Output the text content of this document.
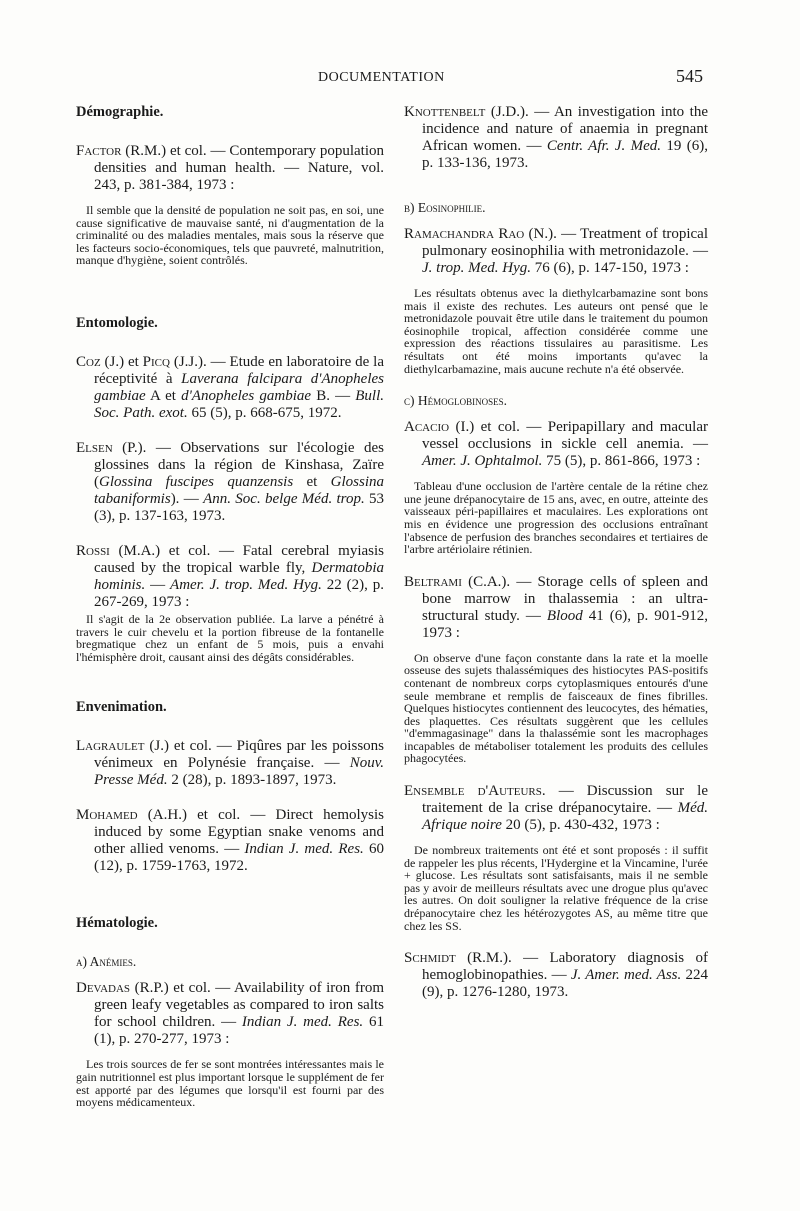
DOCUMENTATION	545
Démographie.

Factor (R.M.) et col. — Contemporary population densities and human health. — Nature, vol. 243, p. 381-384, 1973 :

Il semble que la densité de population ne soit pas, en soi, une cause significative de mauvaise santé, ni d'augmentation de la criminalité ou des maladies mentales, mais sous la réserve que les facteurs socio-économiques, tels que pauvreté, malnutrition, manque d'hygiène, soient contrôlés.

Entomologie.

Coz (J.) et Picq (J.J.). — Etude en laboratoire de la réceptivité à Laverana falcipara d'Anopheles gambiae A et d'Anopheles gambiae B. — Bull. Soc. Path. exot. 65 (5), p. 668-675, 1972.

Elsen (P.). — Observations sur l'écologie des glossines dans la région de Kinshasa, Zaïre (Glossina fuscipes quanzensis et Glossina tabaniformis). — Ann. Soc. belge Méd. trop. 53 (3), p. 137-163, 1973.

Rossi (M.A.) et col. — Fatal cerebral myiasis caused by the tropical warble fly, Dermatobia hominis. — Amer. J. trop. Med. Hyg. 22 (2), p. 267-269, 1973 :

Il s'agit de la 2e observation publiée. La larve a pénétré à travers le cuir chevelu et la portion fibreuse de la fontanelle bregmatique chez un enfant de 5 mois, puis a envahi l'hémisphère droit, causant ainsi des dégâts considérables.

Envenimation.

Lagraulet (J.) et col. — Piqûres par les poissons vénimeux en Polynésie française. — Nouv. Presse Méd. 2 (28), p. 1893-1897, 1973.

Mohamed (A.H.) et col. — Direct hemolysis induced by some Egyptian snake venoms and other allied venoms. — Indian J. med. Res. 60 (12), p. 1759-1763, 1972.

Hématologie.
a) Anémies.

Devadas (R.P.) et col. — Availability of iron from green leafy vegetables as compared to iron salts for school children. — Indian J. med. Res. 61 (1), p. 270-277, 1973 :

Les trois sources de fer se sont montrées intéressantes mais le gain nutritionnel est plus important lorsque le supplément de fer est apporté par des légumes que lorsqu'il est fourni par des moyens médicamenteux.

Knottenbelt (J.D.). — An investigation into the incidence and nature of anaemia in pregnant African women. — Centr. Afr. J. Med. 19 (6), p. 133-136, 1973.

b) Eosinophilie.

Ramachandra Rao (N.). — Treatment of tropical pulmonary eosinophilia with metronidazole. — J. trop. Med. Hyg. 76 (6), p. 147-150, 1973 :

Les résultats obtenus avec la diethylcarbamazine sont bons mais il existe des rechutes. Les auteurs ont pensé que le metronidazole pouvait être utile dans le traitement du poumon éosinophile tropical, affection considérée comme une expression des réactions tissulaires au parasitisme. Les résultats ont été moins importants qu'avec la diethylcarbamazine, mais aucune rechute n'a été observée.

c) Hémoglobinoses.

Acacio (I.) et col. — Peripapillary and macular vessel occlusions in sickle cell anemia. — Amer. J. Ophtalmol. 75 (5), p. 861-866, 1973 :

Tableau d'une occlusion de l'artère centale de la rétine chez une jeune drépanocytaire de 15 ans, avec, en outre, atteinte des vaisseaux péri-papillaires et maculaires. Les explorations ont mis en évidence une progression des occlusions entraînant l'absence de perfusion des branches secondaires et tertiaires de l'arbre artériolaire rétinien.

Beltrami (C.A.). — Storage cells of spleen and bone marrow in thalassemia : an ultra-structural study. — Blood 41 (6), p. 901-912, 1973 :

On observe d'une façon constante dans la rate et la moelle osseuse des sujets thalassémiques des histiocytes PAS-positifs contenant de nombreux corps cytoplasmiques entourés d'une seule membrane et remplis de faisceaux de fines fibrilles. Quelques histiocytes contiennent des leucocytes, des hématies, des plaquettes. Ces résultats suggèrent que les cellules "d'emmagasinage" dans la thalassémie sont les macrophages incapables de métaboliser totalement les produits des cellules phagocytées.

Ensemble d'Auteurs. — Discussion sur le traitement de la crise drépanocytaire. — Méd. Afrique noire 20 (5), p. 430-432, 1973 :

De nombreux traitements ont été et sont proposés : il suffit de rappeler les plus récents, l'Hydergine et la Vincamine, l'urée + glucose. Les résultats sont satisfaisants, mais il ne semble pas y avoir de meilleurs résultats avec une drogue plus qu'avec les autres. On doit souligner la relative fréquence de la crise drépanocytaire chez les hétérozygotes AS, au même titre que chez les SS.

Schmidt (R.M.). — Laboratory diagnosis of hemoglobinopathies. — J. Amer. med. Ass. 224 (9), p. 1276-1280, 1973.
